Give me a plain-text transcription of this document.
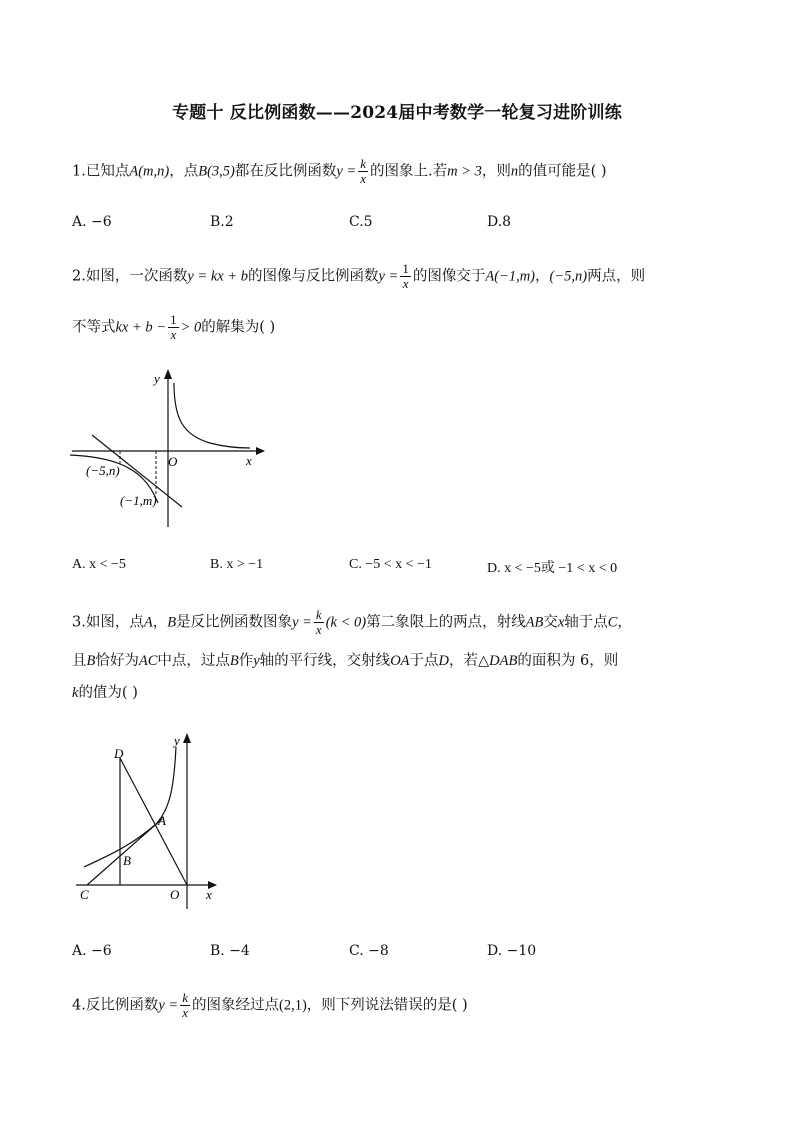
专题十 反比例函数——2024届中考数学一轮复习进阶训练
1.已知点A(m,n)，点B(3,5)都在反比例函数$y = \frac{k}{x}$ 的图象上.若m > 3，则n的值可能是( )
A. −6	B.2	C.5	D.8
2.如图，一次函数y = kx + b的图像与反比例函数$y = \frac{1}{x}$ 的图像交于A(−1,m)，(−5,n)两点，则
不等式kx + $b - \frac{1}{x} > 0$的解集为( )
y
x
O
(−5,n)
(−1,m)
A. x < −5	B. x > −1	C. −5 < x < −1	D. x < −5或 −1 < x < 0
3.如图，点A，B是反比例函数图象$y = \frac{k}{x} (k < 0)$第二象限上的两点，射线AB交x轴于点C，
且B恰好为AC中点，过点B作y轴的平行线，交射线OA于点D，若△DAB的面积为 6，则
k的值为( )
y
x
D
A
B
C	O
A. −6	B. −4	C. −8	D. −10
4.反比例函数$y = \frac{k}{x}$ 的图象经过点(2,1)，则下列说法错误的是( )
